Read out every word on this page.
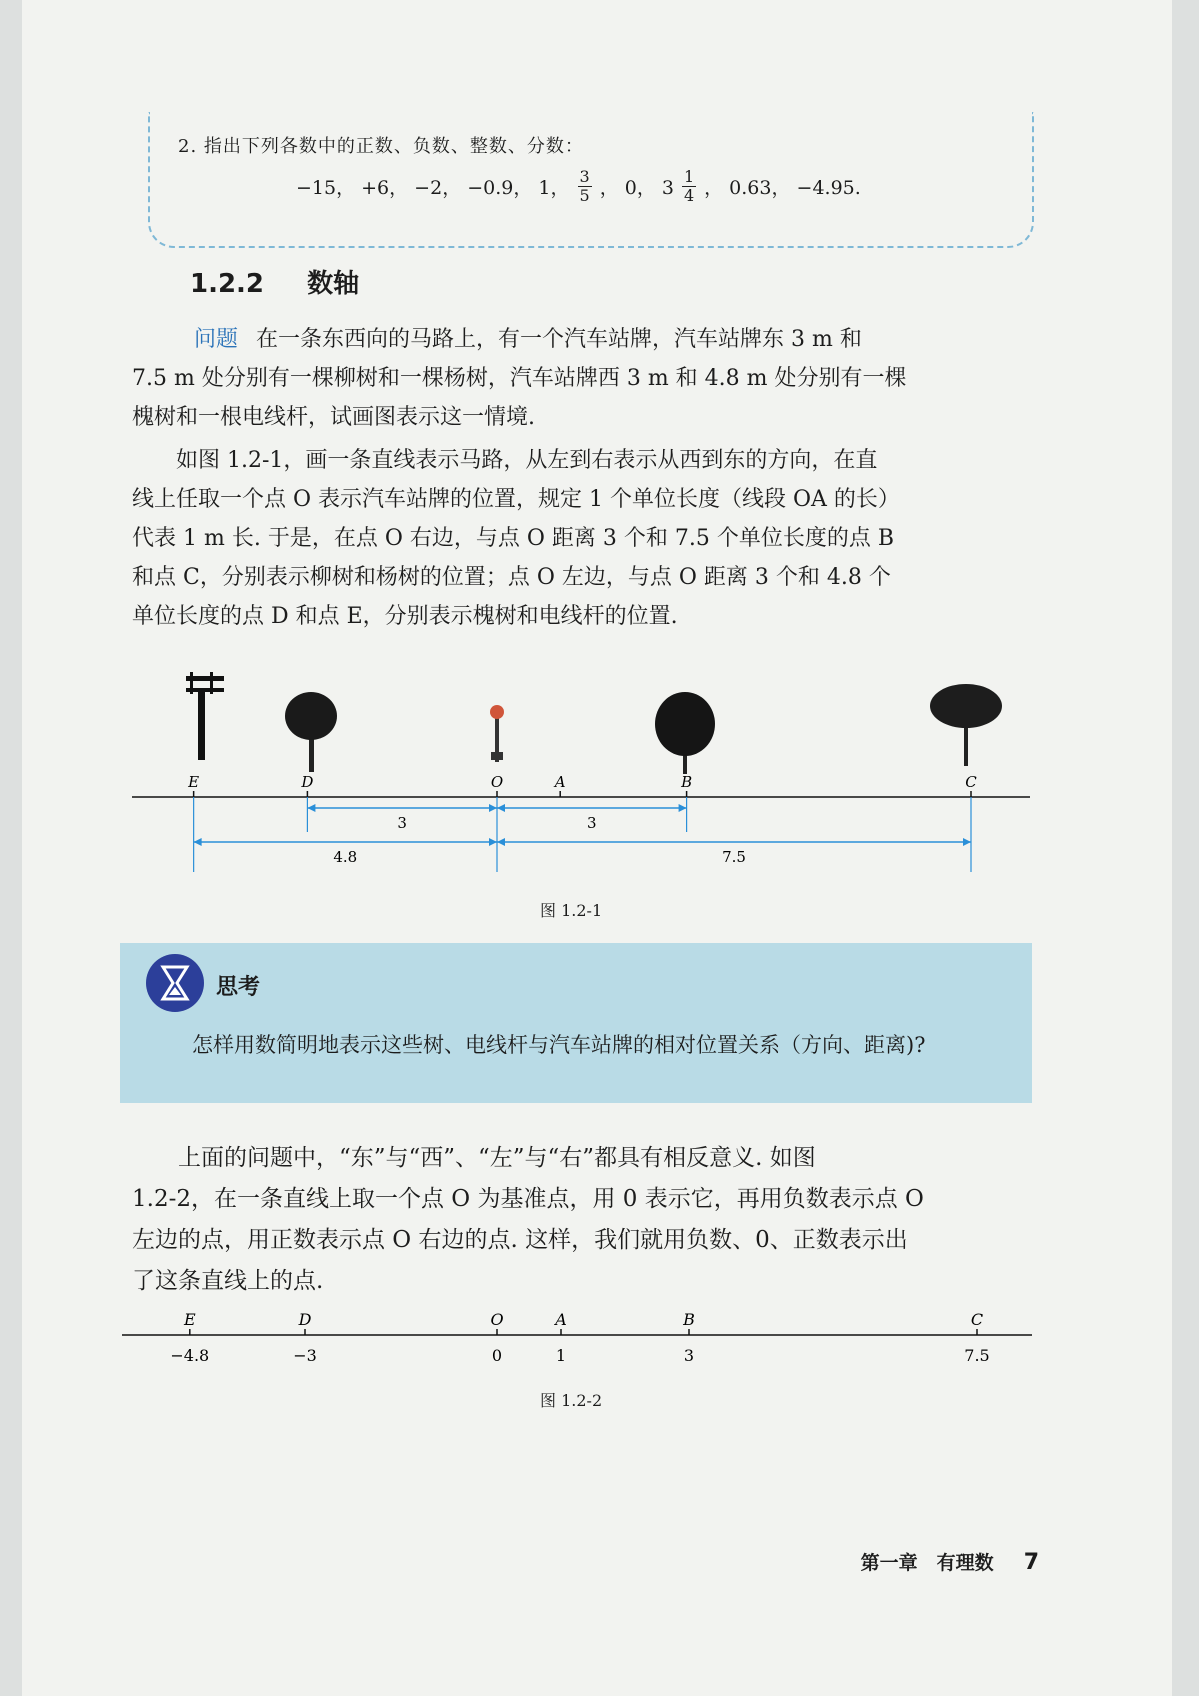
2. 指出下列各数中的正数、负数、整数、分数：
−15， +6， −2， −0.9， 1， $\frac{3}{5}$ ， 0， $3 \frac{1}{4}$ ， 0.63， −4.95.
1.2.2 数轴
问题 在一条东西向的马路上，有一个汽车站牌，汽车站牌东 3 m 和
7.5 m 处分别有一棵柳树和一棵杨树，汽车站牌西 3 m 和 4.8 m 处分别有一棵
槐树和一根电线杆，试画图表示这一情境.
　　如图 1.2-1，画一条直线表示马路，从左到右表示从西到东的方向，在直
线上任取一个点 O 表示汽车站牌的位置，规定 1 个单位长度（线段 OA 的长）
代表 1 m 长. 于是，在点 O 右边，与点 O 距离 3 个和 7.5 个单位长度的点 B
和点 C，分别表示柳树和杨树的位置；点 O 左边，与点 O 距离 3 个和 4.8 个
单位长度的点 D 和点 E，分别表示槐树和电线杆的位置.
E	D	O	A	B	C
3	3
4.8	7.5
图 1.2-1
思考
怎样用数简明地表示这些树、电线杆与汽车站牌的相对位置关系（方向、距离)?
　　上面的问题中，“东”与“西”、“左”与“右”都具有相反意义. 如图
1.2-2，在一条直线上取一个点 O 为基准点，用 0 表示它，再用负数表示点 O
左边的点，用正数表示点 O 右边的点. 这样，我们就用负数、0、正数表示出
了这条直线上的点.
E
−4.8
D
−3
O
0
A
1
B
3
C
7.5
图 1.2-2
第一章　有理数 7
